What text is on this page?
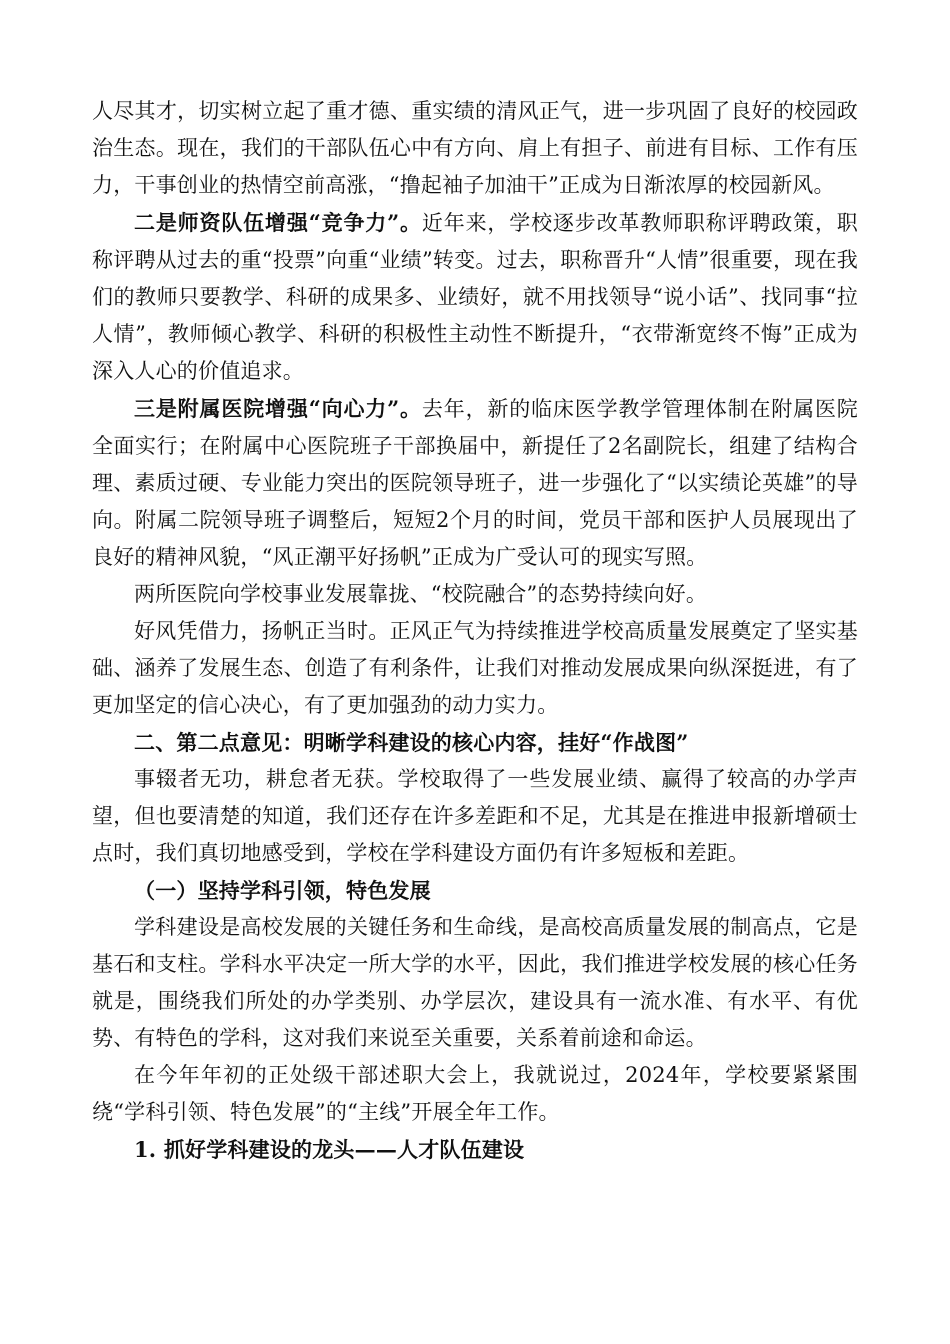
人尽其才，切实树立起了重才德、重实绩的清风正气，进一步巩固了良好的校园政治生态。现在，我们的干部队伍心中有方向、肩上有担子、前进有目标、工作有压力，干事创业的热情空前高涨，“撸起袖子加油干”正成为日渐浓厚的校园新风。

二是师资队伍增强“竞争力”。近年来，学校逐步改革教师职称评聘政策，职称评聘从过去的重“投票”向重“业绩”转变。过去，职称晋升“人情”很重要，现在我们的教师只要教学、科研的成果多、业绩好，就不用找领导“说小话”、找同事“拉人情”，教师倾心教学、科研的积极性主动性不断提升，“衣带渐宽终不悔”正成为深入人心的价值追求。

三是附属医院增强“向心力”。去年，新的临床医学教学管理体制在附属医院全面实行；在附属中心医院班子干部换届中，新提任了2名副院长，组建了结构合理、素质过硬、专业能力突出的医院领导班子，进一步强化了“以实绩论英雄”的导向。附属二院领导班子调整后，短短2个月的时间，党员干部和医护人员展现出了良好的精神风貌，“风正潮平好扬帆”正成为广受认可的现实写照。

两所医院向学校事业发展靠拢、“校院融合”的态势持续向好。

好风凭借力，扬帆正当时。正风正气为持续推进学校高质量发展奠定了坚实基础、涵养了发展生态、创造了有利条件，让我们对推动发展成果向纵深挺进，有了更加坚定的信心决心，有了更加强劲的动力实力。

二、第二点意见：明晰学科建设的核心内容，挂好“作战图”

事辍者无功，耕怠者无获。学校取得了一些发展业绩、赢得了较高的办学声望，但也要清楚的知道，我们还存在许多差距和不足，尤其是在推进申报新增硕士点时，我们真切地感受到，学校在学科建设方面仍有许多短板和差距。

（一）坚持学科引领，特色发展

学科建设是高校发展的关键任务和生命线，是高校高质量发展的制高点，它是基石和支柱。学科水平决定一所大学的水平，因此，我们推进学校发展的核心任务就是，围绕我们所处的办学类别、办学层次，建设具有一流水准、有水平、有优势、有特色的学科，这对我们来说至关重要，关系着前途和命运。

在今年年初的正处级干部述职大会上，我就说过，2024年，学校要紧紧围绕“学科引领、特色发展”的“主线”开展全年工作。

1. 抓好学科建设的龙头——人才队伍建设
